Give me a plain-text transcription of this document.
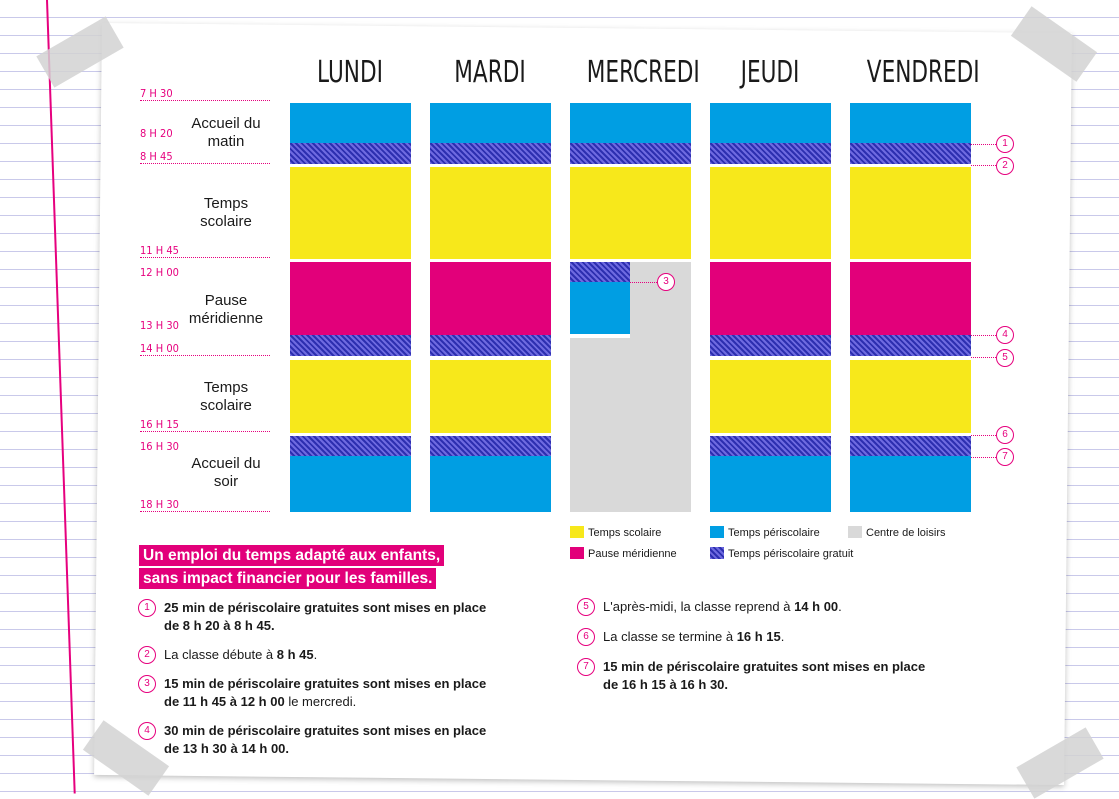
LUNDI	MARDI MERCREDI	JEUDI	VENDREDI
7 H 30
8 H 20
8 H 45
11 H 45
12 H 00
13 H 30
14 H 00
16 H 15
16 H 30
18 H 30
Accueil du matin
Temps scolaire
Pause méridienne
Temps scolaire
Accueil du soir
1
2
3
4
5
6
7
Temps scolaire	Temps périscolaire	Centre de loisirs
Pause méridienne	Temps périscolaire gratuit
Un emploi du temps adapté aux enfants,
sans impact financier pour les familles.
1	25 min de périscolaire gratuites sont mises en place
de 8 h 20 à 8 h 45.
2	La classe débute à 8 h 45.
3	15 min de périscolaire gratuites sont mises en place
de 11 h 45 à 12 h 00 le mercredi.
4	30 min de périscolaire gratuites sont mises en place
de 13 h 30 à 14 h 00.
5	L'après-midi, la classe reprend à 14 h 00.
6	La classe se termine à 16 h 15.
7	15 min de périscolaire gratuites sont mises en place
de 16 h 15 à 16 h 30.
